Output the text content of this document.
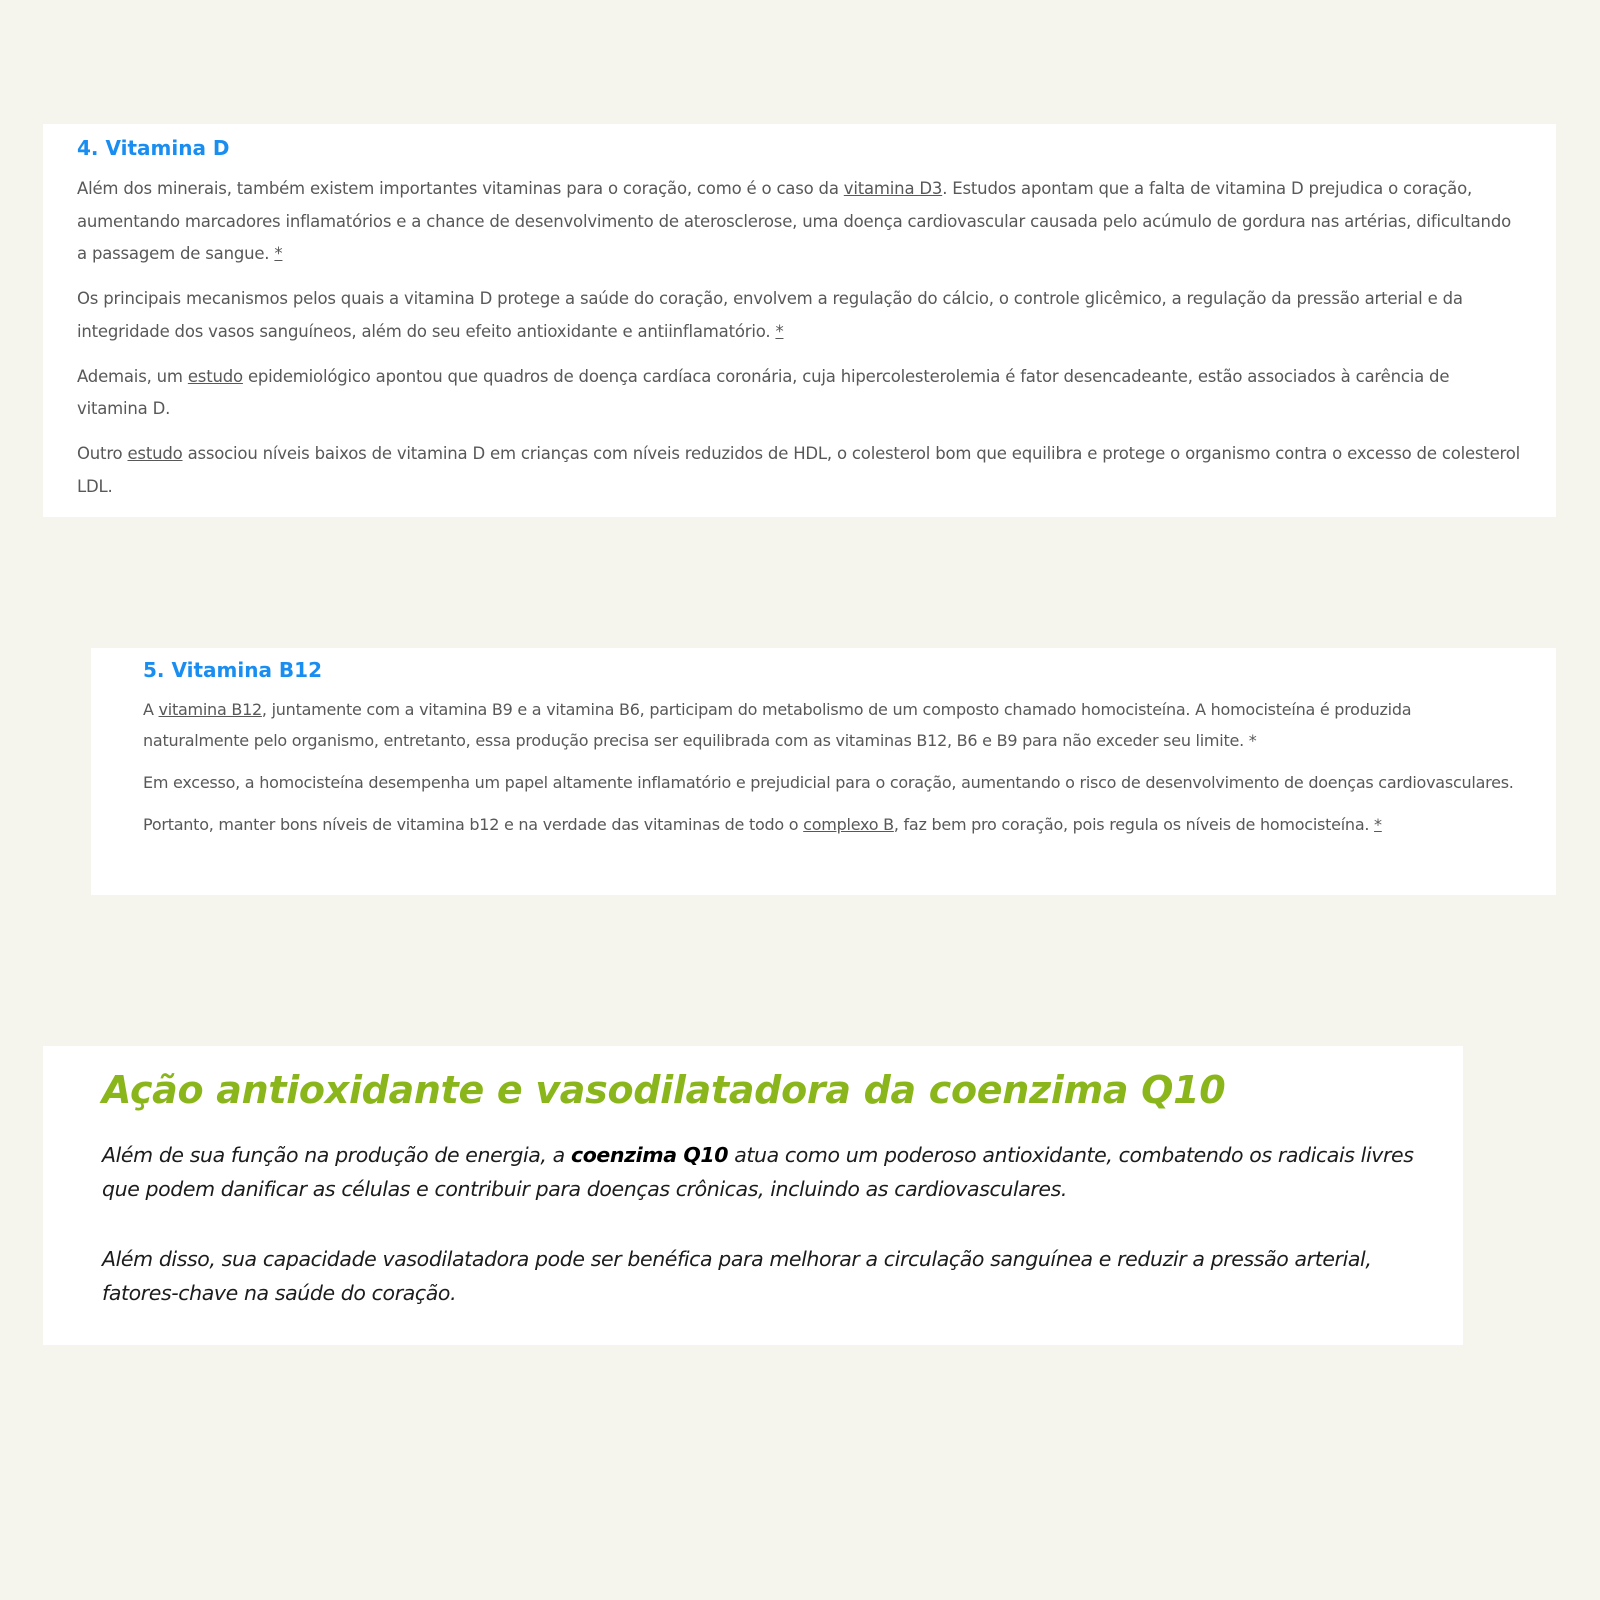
4. Vitamina D

Além dos minerais, também existem importantes vitaminas para o coração, como é o caso da vitamina D3. Estudos apontam que a falta de vitamina D prejudica o coração, aumentando marcadores inflamatórios e a chance de desenvolvimento de aterosclerose, uma doença cardiovascular causada pelo acúmulo de gordura nas artérias, dificultando a passagem de sangue. *

Os principais mecanismos pelos quais a vitamina D protege a saúde do coração, envolvem a regulação do cálcio, o controle glicêmico, a regulação da pressão arterial e da integridade dos vasos sanguíneos, além do seu efeito antioxidante e antiinflamatório. *

Ademais, um estudo epidemiológico apontou que quadros de doença cardíaca coronária, cuja hipercolesterolemia é fator desencadeante, estão associados à carência de vitamina D.

Outro estudo associou níveis baixos de vitamina D em crianças com níveis reduzidos de HDL, o colesterol bom que equilibra e protege o organismo contra o excesso de colesterol LDL.

5. Vitamina B12

A vitamina B12, juntamente com a vitamina B9 e a vitamina B6, participam do metabolismo de um composto chamado homocisteína. A homocisteína é produzida naturalmente pelo organismo, entretanto, essa produção precisa ser equilibrada com as vitaminas B12, B6 e B9 para não exceder seu limite. *

Em excesso, a homocisteína desempenha um papel altamente inflamatório e prejudicial para o coração, aumentando o risco de desenvolvimento de doenças cardiovasculares.

Portanto, manter bons níveis de vitamina b12 e na verdade das vitaminas de todo o complexo B, faz bem pro coração, pois regula os níveis de homocisteína. *

Ação antioxidante e vasodilatadora da coenzima Q10

Além de sua função na produção de energia, a coenzima Q10 atua como um poderoso antioxidante, combatendo os radicais livres que podem danificar as células e contribuir para doenças crônicas, incluindo as cardiovasculares.

Além disso, sua capacidade vasodilatadora pode ser benéfica para melhorar a circulação sanguínea e reduzir a pressão arterial, fatores-chave na saúde do coração.
